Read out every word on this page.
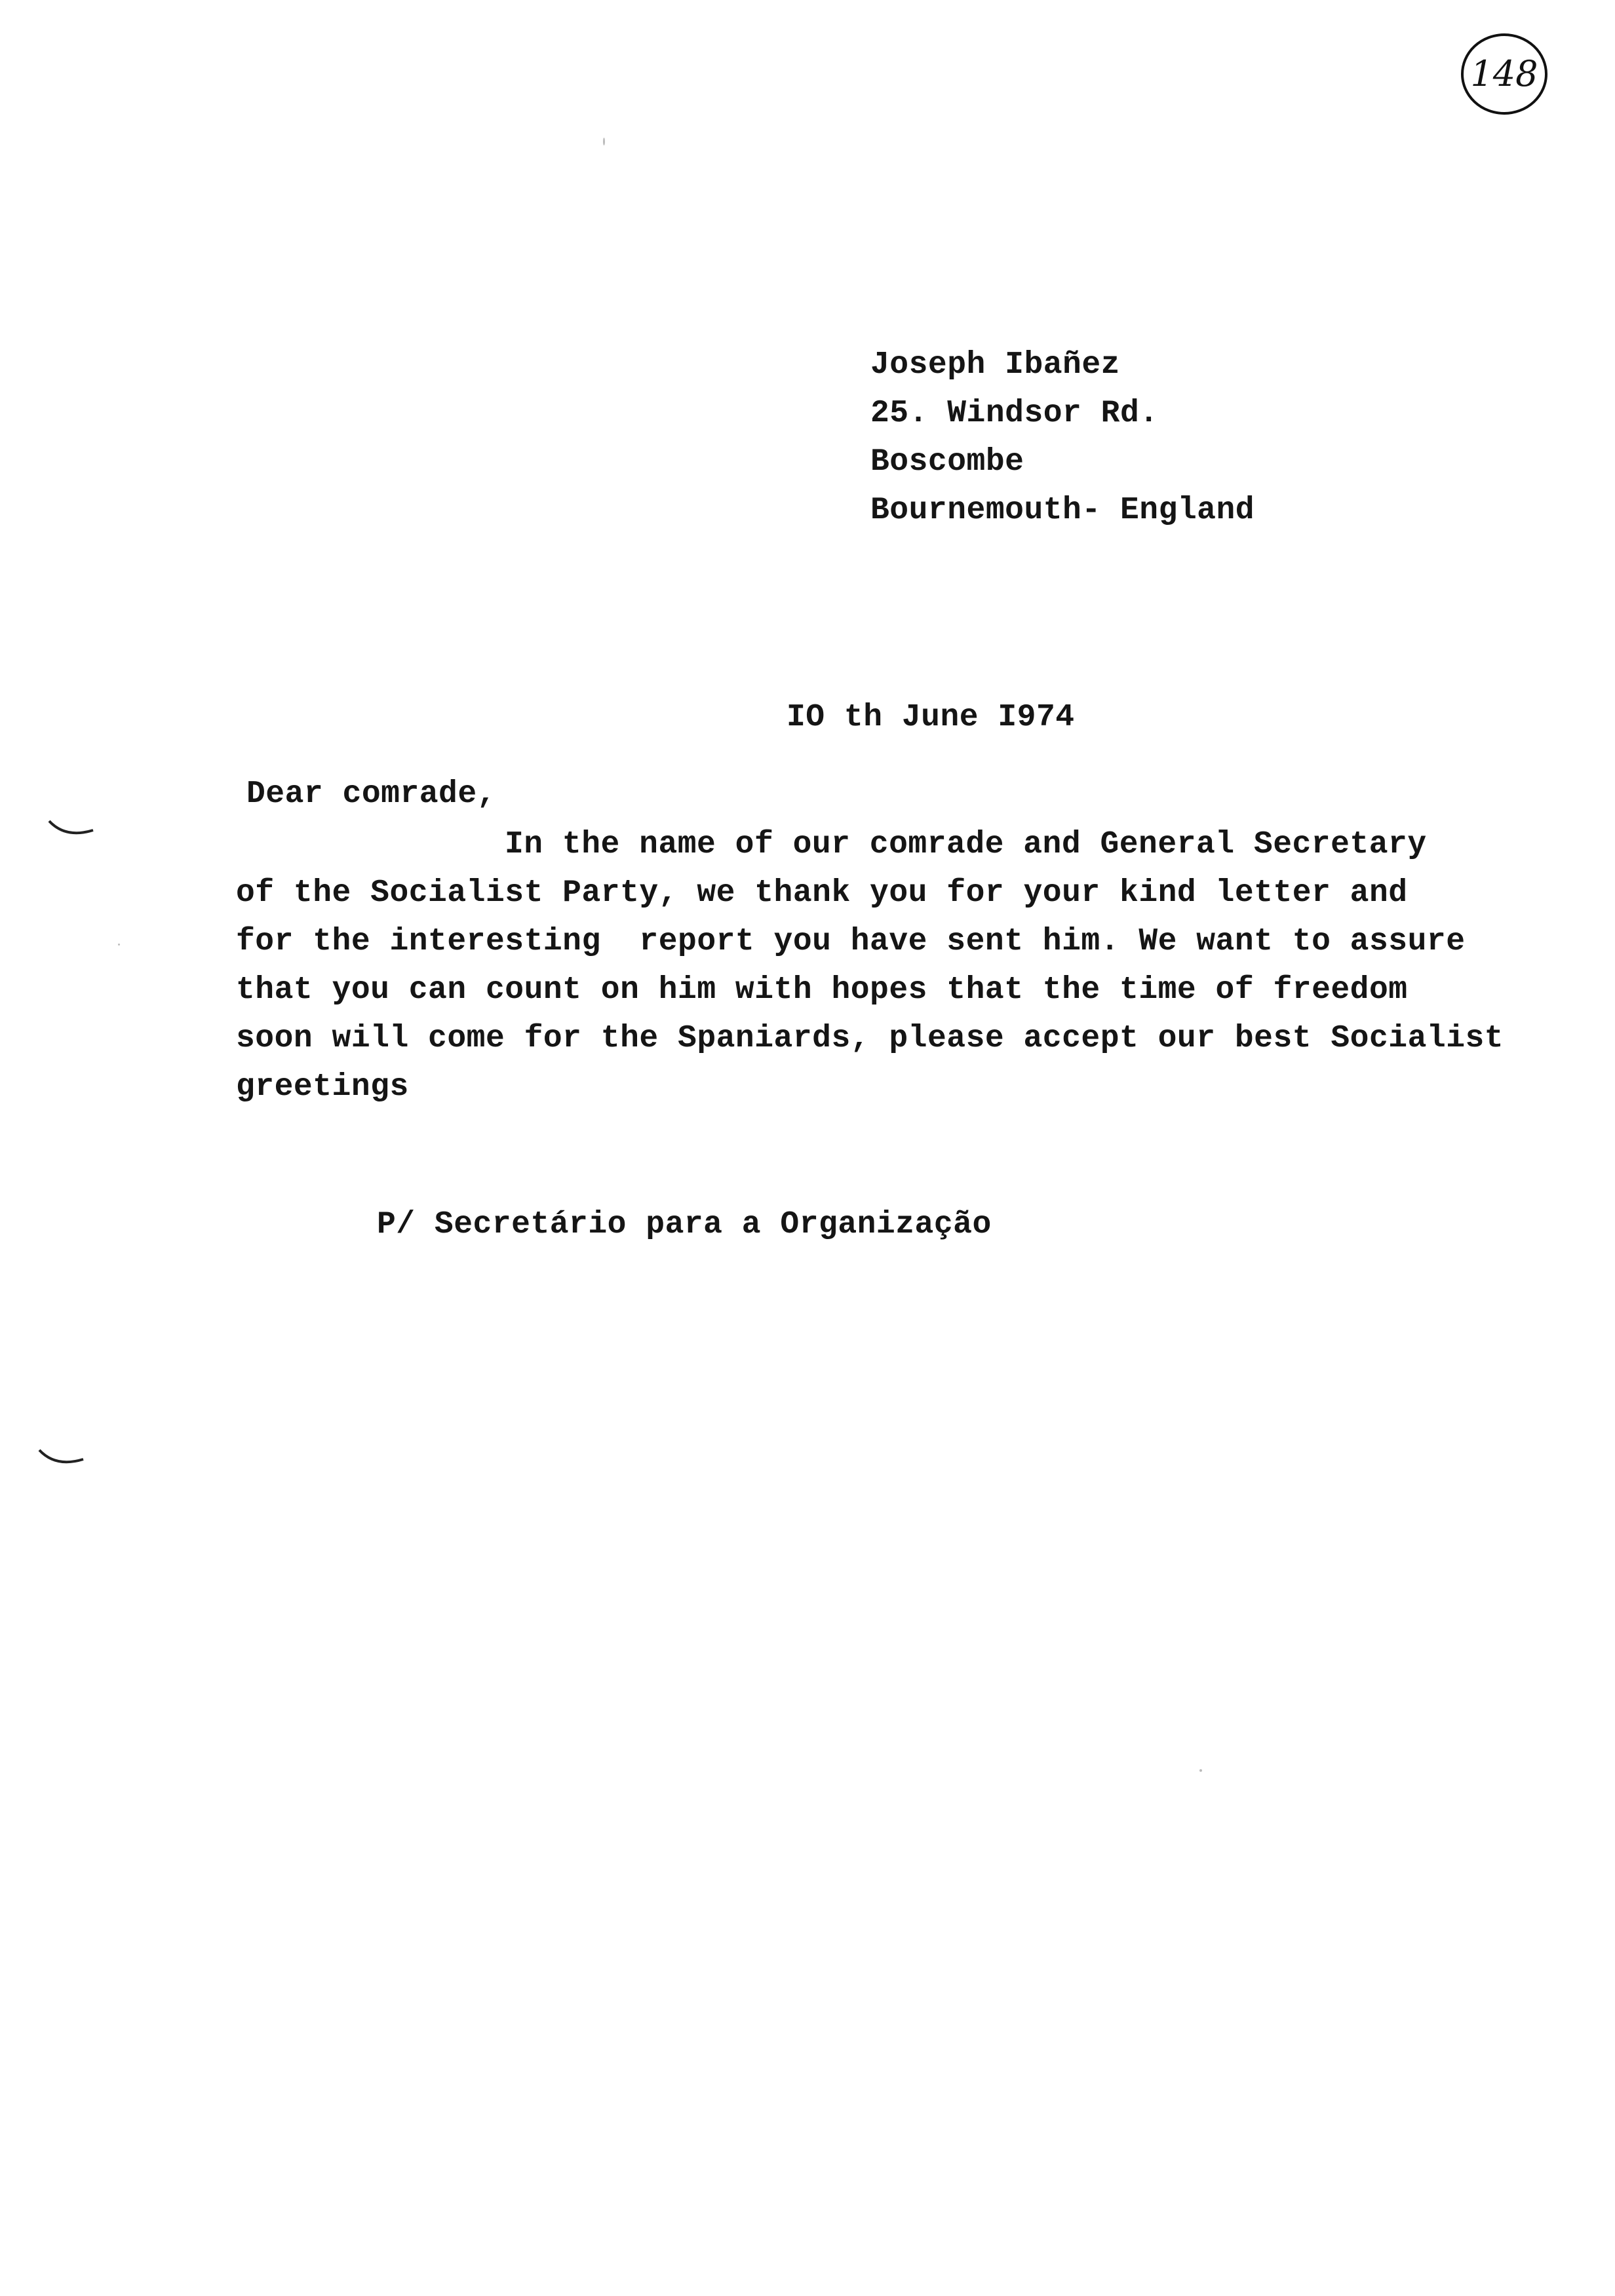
148
Joseph Ibañez
25. Windsor Rd.
Boscombe
Bournemouth- England
IO th June I974
Dear comrade,
In the name of our comrade and General Secretary
of the Socialist Party, we thank you for your kind letter and
for the interesting  report you have sent him. We want to assure
that you can count on him with hopes that the time of freedom
soon will come for the Spaniards, please accept our best Socialist
greetings
P/ Secretário para a Organização
